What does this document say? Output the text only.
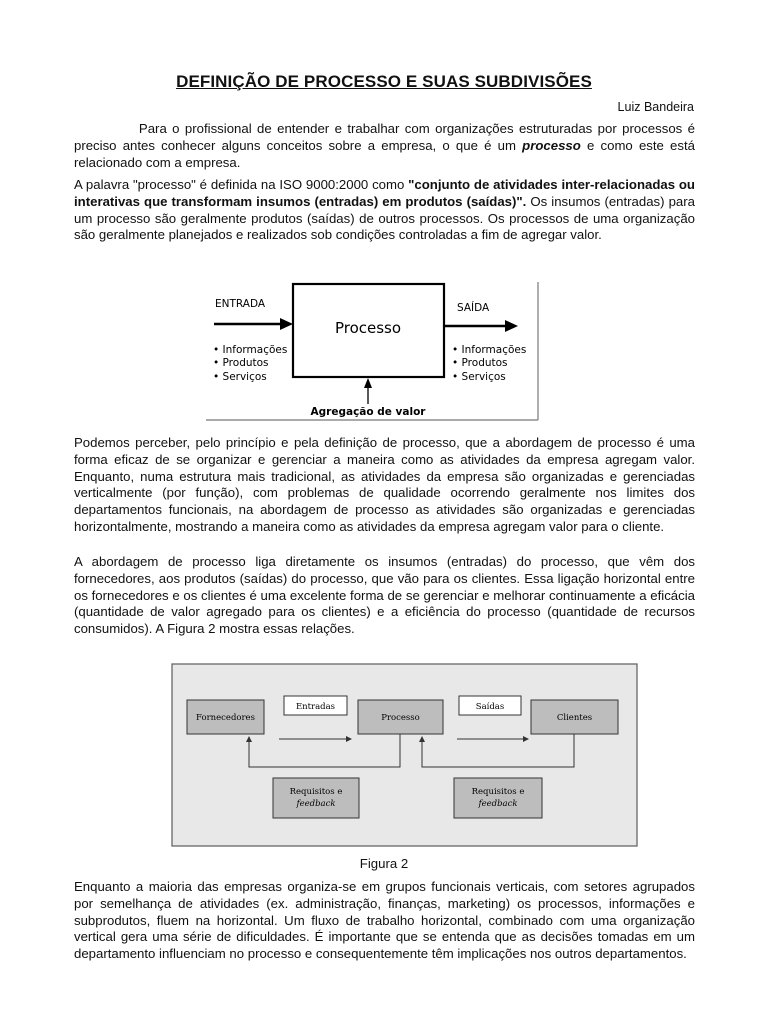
DEFINIÇÃO DE PROCESSO E SUAS SUBDIVISÕES
Luiz Bandeira
Para o profissional de entender e trabalhar com organizações estruturadas por processos é preciso antes conhecer alguns conceitos sobre a empresa, o que é um processo e como este está relacionado com a empresa.
A palavra "processo" é definida na ISO 9000:2000 como "conjunto de atividades inter-relacionadas ou interativas que transformam insumos (entradas) em produtos (saídas)". Os insumos (entradas) para um processo são geralmente produtos (saídas) de outros processos. Os processos de uma organização são geralmente planejados e realizados sob condições controladas a fim de agregar valor.
ENTRADA
Processo
SAÍDA
• Informações
• Produtos
• Serviços
• Informações
• Produtos
• Serviços
Agregação de valor
Podemos perceber, pelo princípio e pela definição de processo, que a abordagem de processo é uma forma eficaz de se organizar e gerenciar a maneira como as atividades da empresa agregam valor. Enquanto, numa estrutura mais tradicional, as atividades da empresa são organizadas e gerenciadas verticalmente (por função), com problemas de qualidade ocorrendo geralmente nos limites dos departamentos funcionais, na abordagem de processo as atividades são organizadas e gerenciadas horizontalmente, mostrando a maneira como as atividades da empresa agregam valor para o cliente.
A abordagem de processo liga diretamente os insumos (entradas) do processo, que vêm dos fornecedores, aos produtos (saídas) do processo, que vão para os clientes. Essa ligação horizontal entre os fornecedores e os clientes é uma excelente forma de se gerenciar e melhorar continuamente a eficácia (quantidade de valor agregado para os clientes) e a eficiência do processo (quantidade de recursos consumidos). A Figura 2 mostra essas relações.
Fornecedores
Entradas
Processo
Saídas
Clientes
Requisitos e
feedback
Requisitos e
feedback
Figura 2
Enquanto a maioria das empresas organiza-se em grupos funcionais verticais, com setores agrupados por semelhança de atividades (ex. administração, finanças, marketing) os processos, informações e subprodutos, fluem na horizontal. Um fluxo de trabalho horizontal, combinado com uma organização vertical gera uma série de dificuldades. É importante que se entenda que as decisões tomadas em um departamento influenciam no processo e consequentemente têm implicações nos outros departamentos.
